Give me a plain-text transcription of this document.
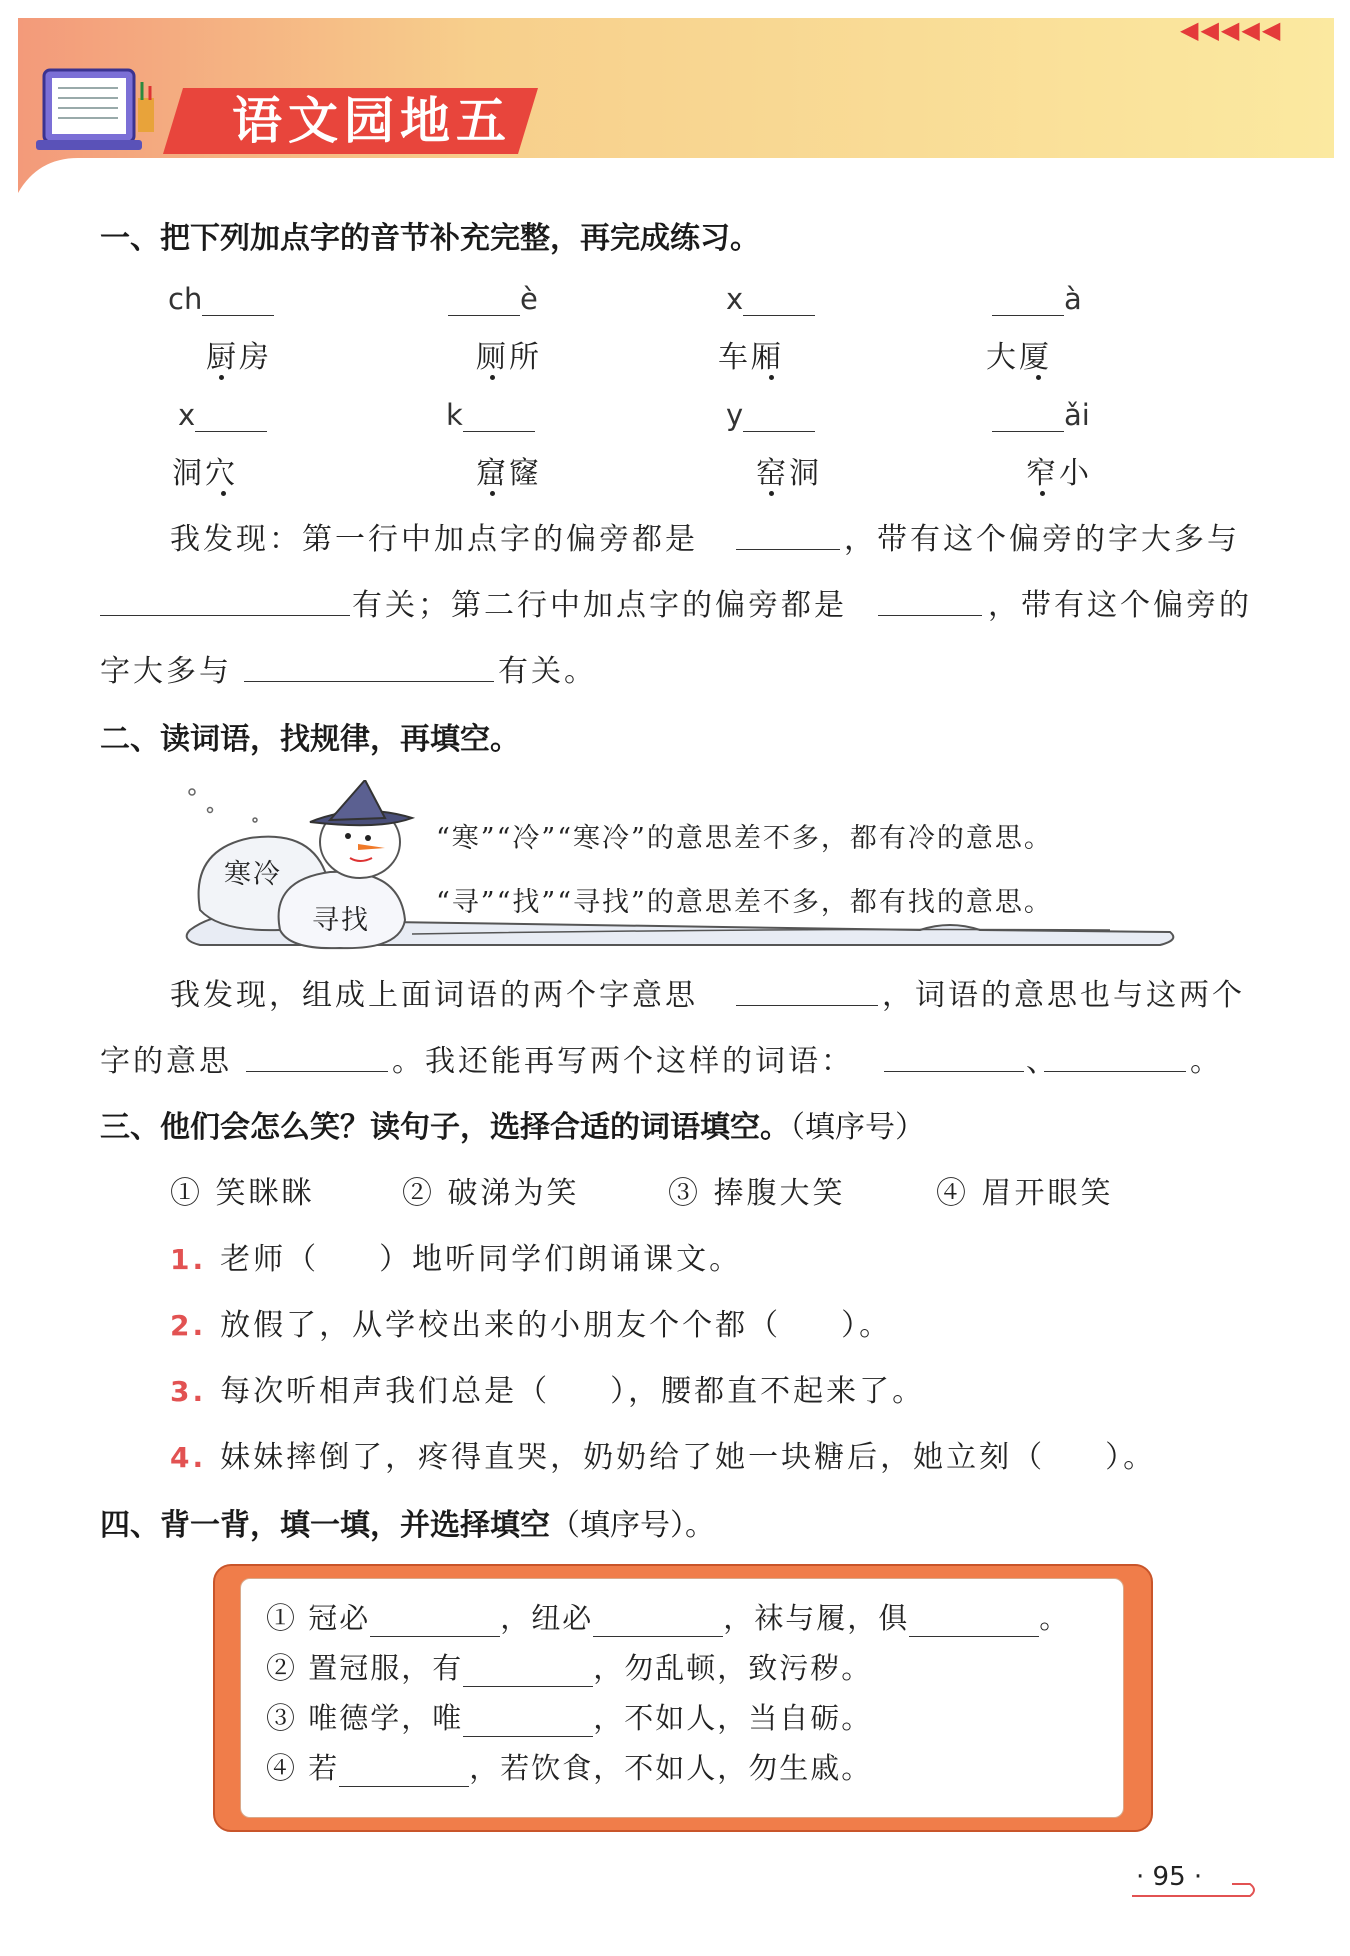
语文园地五
◀◀◀◀◀
一、把下列加点字的音节补充完整，再完成练习。
ch	è	x	à
厨房	厕所	车厢	大厦
x	k	y	ǎi
洞穴	窟窿	窑洞	窄小
我发现：第一行中加点字的偏旁都是	，带有这个偏旁的字大多与
有关；第二行中加点字的偏旁都是	，带有这个偏旁的
字大多与	有关。
二、读词语，找规律，再填空。
寒冷
寻找
“寒”“冷”“寒冷”的意思差不多，都有冷的意思。
“寻”“找”“寻找”的意思差不多，都有找的意思。
我发现，组成上面词语的两个字意思	，词语的意思也与这两个
字的意思	。我还能再写两个这样的词语：	、	。
三、他们会怎么笑？读句子，选择合适的词语填空。（填序号）
① 笑眯眯	② 破涕为笑	③ 捧腹大笑	④ 眉开眼笑
1. 老师（ ）地听同学们朗诵课文。
2. 放假了，从学校出来的小朋友个个都（ ）。
3. 每次听相声我们总是（ ），腰都直不起来了。
4. 妹妹摔倒了，疼得直哭，奶奶给了她一块糖后，她立刻（ ）。
四、背一背，填一填，并选择填空（填序号）。
① 冠必	，纽必	，袜与履，俱	。
② 置冠服，有	，勿乱顿，致污秽。
③ 唯德学，唯	，不如人，当自砺。
④ 若	，若饮食，不如人，勿生戚。
· 95 ·
